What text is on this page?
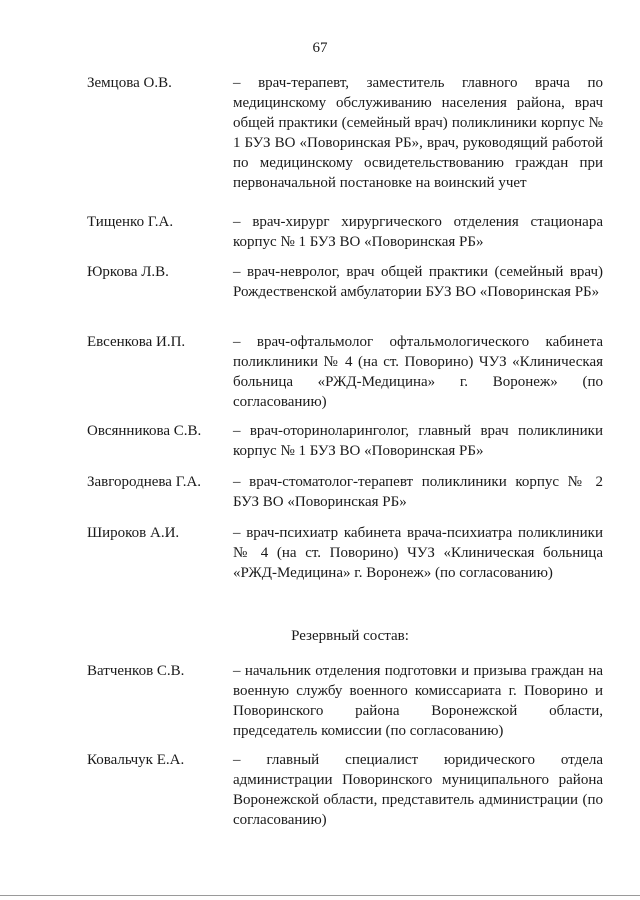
67
Земцова О.В.	– врач-терапевт, заместитель главного врача по медицинскому обслуживанию населения района, врач общей практики (семейный врач) поликлиники корпус № 1 БУЗ ВО «Поворинская РБ», врач, руководящий работой по медицинскому освидетельствованию граждан при первоначальной постановке на воинский учет
Тищенко Г.А.	– врач-хирург хирургического отделения стационара корпус № 1 БУЗ ВО «Поворинская РБ»
Юркова Л.В.	– врач-невролог, врач общей практики (семейный врач) Рождественской амбулатории БУЗ ВО «Поворинская РБ»
Евсенкова И.П.	– врач-офтальмолог офтальмологического кабинета поликлиники № 4 (на ст. Поворино) ЧУЗ «Клиническая больница «РЖД-Медицина» г. Воронеж» (по согласованию)
Овсянникова С.В. – врач-оториноларинголог, главный врач поликлиники корпус № 1 БУЗ ВО «Поворинская РБ»
Завгороднева Г.А. – врач-стоматолог-терапевт поликлиники корпус № 2 БУЗ ВО «Поворинская РБ»
Широков А.И.	– врач-психиатр кабинета врача-психиатра поликлиники № 4 (на ст. Поворино) ЧУЗ «Клиническая больница «РЖД-Медицина» г. Воронеж» (по согласованию)
Резервный состав:
Ватченков С.В.	– начальник отделения подготовки и призыва граждан на военную службу военного комиссариата г. Поворино и Поворинского района Воронежской области, председатель комиссии (по согласованию)
Ковальчук Е.А.	– главный специалист юридического отдела администрации Поворинского муниципального района Воронежской области, представитель администрации (по согласованию)
